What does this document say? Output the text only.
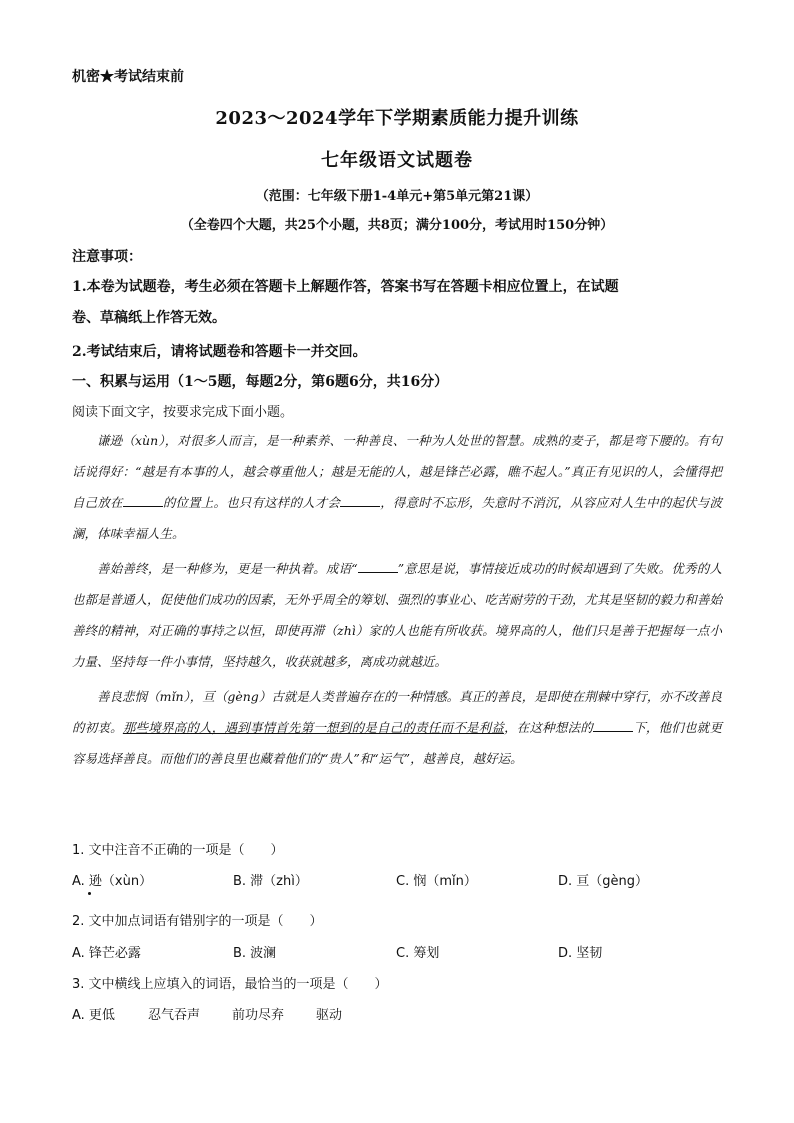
机密★考试结束前
2023～2024学年下学期素质能力提升训练
七年级语文试题卷
（范围：七年级下册1-4单元+第5单元第21课）
（全卷四个大题，共25个小题，共8页；满分100分，考试用时150分钟）
注意事项：
1.本卷为试题卷，考生必须在答题卡上解题作答，答案书写在答题卡相应位置上，在试题
卷、草稿纸上作答无效。
2.考试结束后，请将试题卷和答题卡一并交回。
一、积累与运用（1～5题，每题2分，第6题6分，共16分）
阅读下面文字，按要求完成下面小题。

谦逊（xùn），对很多人而言，是一种素养、一种善良、一种为人处世的智慧。成熟的麦子，都是弯下腰的。有句话说得好：“越是有本事的人，越会尊重他人；越是无能的人，越是锋芒必露，瞧不起人。”真正有见识的人，会懂得把自己放在	的位置上。也只有这样的人才会	，得意时不忘形，失意时不消沉，从容应对人生中的起伏与波澜，体味幸福人生。

善始善终，是一种修为，更是一种执着。成语“	”意思是说，事情接近成功的时候却遇到了失败。优秀的人也都是普通人，促使他们成功的因素，无外乎周全的筹划、强烈的事业心、吃苦耐劳的干劲，尤其是坚韧的毅力和善始善终的精神，对正确的事持之以恒，即使再滞（zhì）家的人也能有所收获。境界高的人，他们只是善于把握每一点小力量、坚持每一件小事情，坚持越久，收获就越多，离成功就越近。

善良悲悯（mǐn），亘（gèng）古就是人类普遍存在的一种情感。真正的善良，是即使在荆棘中穿行，亦不改善良的初衷。那些境界高的人，遇到事情首先第一想到的是自己的责任而不是利益，在这种想法的	下，他们也就更容易选择善良。而他们的善良里也藏着他们的“贵人”和“运气”，越善良，越好运。

1. 文中注音不正确的一项是（　　）
A. 逊（xùn）	B. 滞（zhì）	C. 悯（mǐn）	D. 亘（gèng）
2. 文中加点词语有错别字的一项是（　　）
A. 锋芒必露	B. 波澜	C. 筹划	D. 坚韧
3. 文中横线上应填入的词语，最恰当的一项是（　　）
A. 更低	忍气吞声 前功尽弃 驱动
